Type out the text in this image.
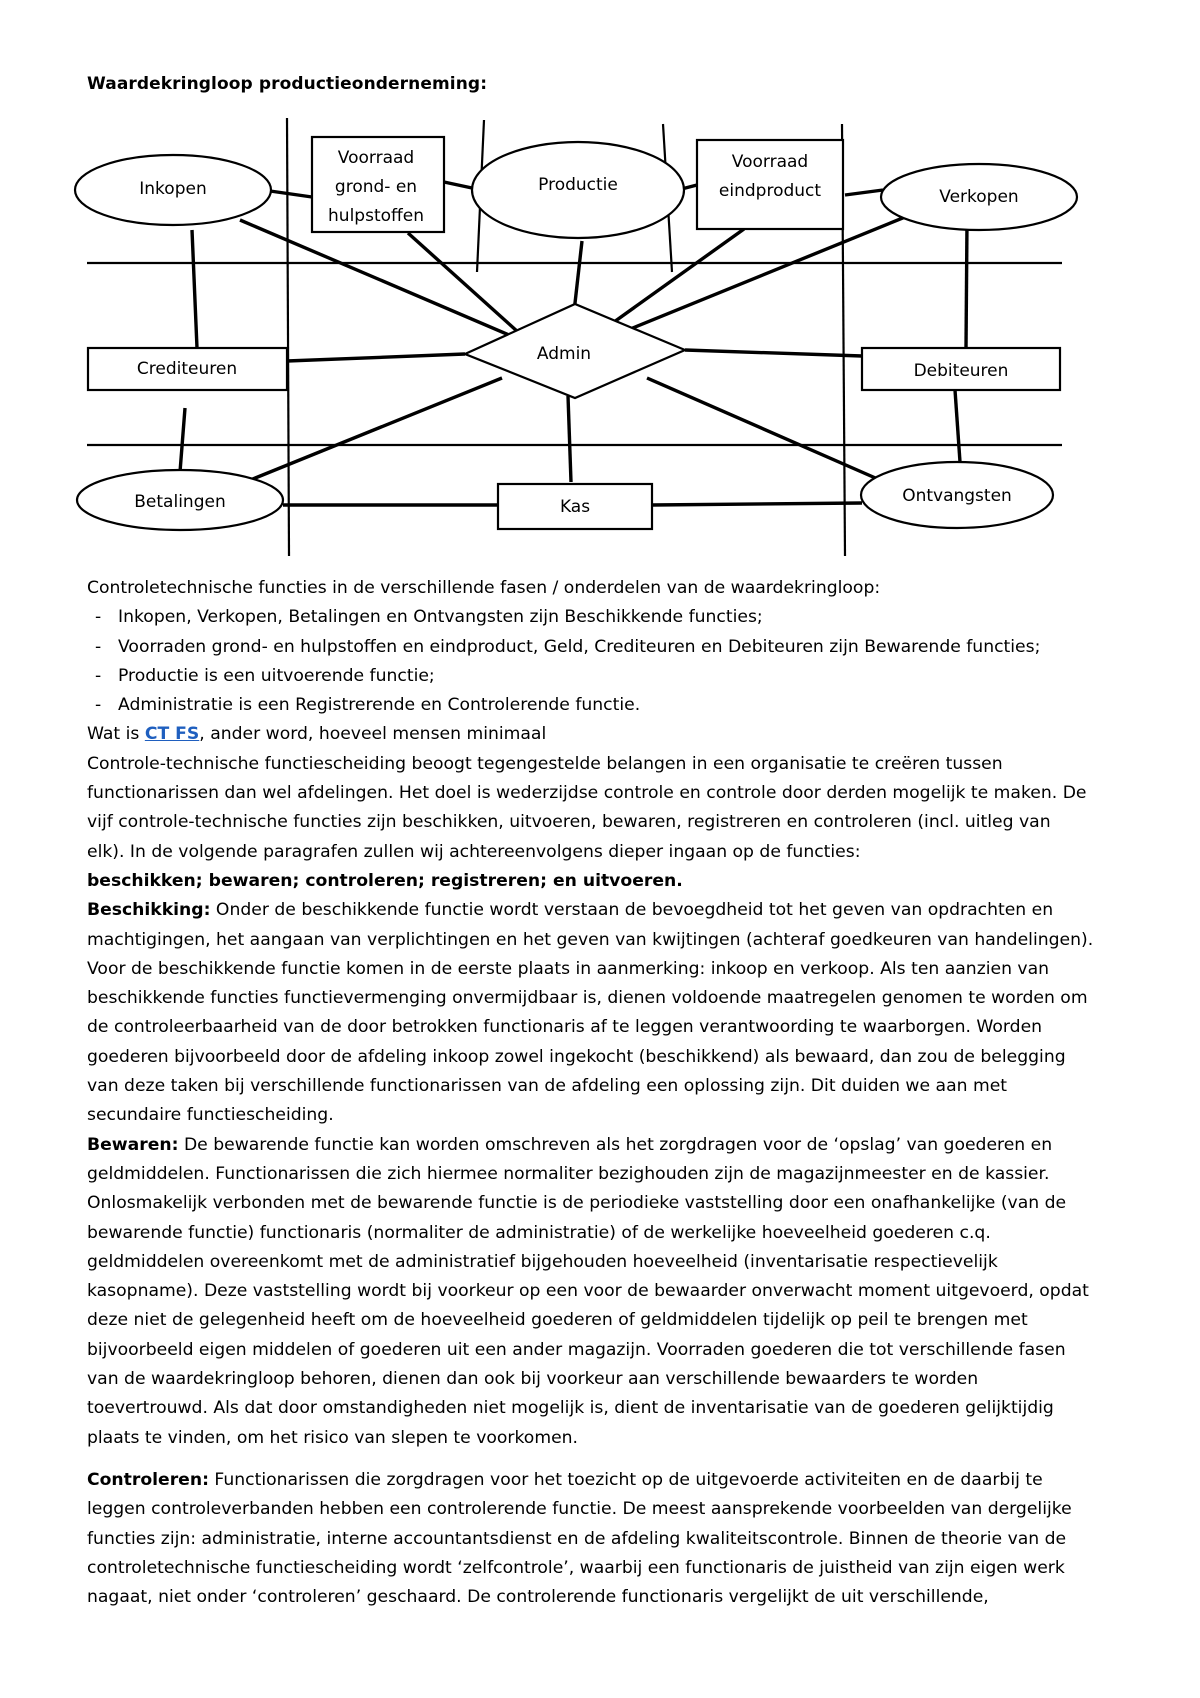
Waardekringloop productieonderneming:
Inkopen
Voorraad
grond- en
hulpstoffen
Productie
Voorraad
eindproduct	Verkopen
Crediteuren
Admin
Debiteuren
Betalingen	Kas
Ontvangsten

Controletechnische functies in de verschillende fasen / onderdelen van de waardekringloop:

- Inkopen, Verkopen, Betalingen en Ontvangsten zijn Beschikkende functies;
- Voorraden grond- en hulpstoffen en eindproduct, Geld, Crediteuren en Debiteuren zijn Bewarende functies;
- Productie is een uitvoerende functie;
- Administratie is een Registrerende en Controlerende functie.

Wat is CT FS, ander word, hoeveel mensen minimaal

Controle-technische functiescheiding beoogt tegengestelde belangen in een organisatie te creëren tussen
functionarissen dan wel afdelingen. Het doel is wederzijdse controle en controle door derden mogelijk te maken. De
vijf controle-technische functies zijn beschikken, uitvoeren, bewaren, registreren en controleren (incl. uitleg van
elk). In de volgende paragrafen zullen wij achtereenvolgens dieper ingaan op de functies:

beschikken; bewaren; controleren; registreren; en uitvoeren.

Beschikking: Onder de beschikkende functie wordt verstaan de bevoegdheid tot het geven van opdrachten en
machtigingen, het aangaan van verplichtingen en het geven van kwijtingen (achteraf goedkeuren van handelingen).
Voor de beschikkende functie komen in de eerste plaats in aanmerking: inkoop en verkoop. Als ten aanzien van
beschikkende functies functievermenging onvermijdbaar is, dienen voldoende maatregelen genomen te worden om
de controleerbaarheid van de door betrokken functionaris af te leggen verantwoording te waarborgen. Worden
goederen bijvoorbeeld door de afdeling inkoop zowel ingekocht (beschikkend) als bewaard, dan zou de belegging
van deze taken bij verschillende functionarissen van de afdeling een oplossing zijn. Dit duiden we aan met
secundaire functiescheiding.

Bewaren: De bewarende functie kan worden omschreven als het zorgdragen voor de ‘opslag’ van goederen en
geldmiddelen. Functionarissen die zich hiermee normaliter bezighouden zijn de magazijnmeester en de kassier.
Onlosmakelijk verbonden met de bewarende functie is de periodieke vaststelling door een onafhankelijke (van de
bewarende functie) functionaris (normaliter de administratie) of de werkelijke hoeveelheid goederen c.q.
geldmiddelen overeenkomt met de administratief bijgehouden hoeveelheid (inventarisatie respectievelijk
kasopname). Deze vaststelling wordt bij voorkeur op een voor de bewaarder onverwacht moment uitgevoerd, opdat
deze niet de gelegenheid heeft om de hoeveelheid goederen of geldmiddelen tijdelijk op peil te brengen met
bijvoorbeeld eigen middelen of goederen uit een ander magazijn. Voorraden goederen die tot verschillende fasen
van de waardekringloop behoren, dienen dan ook bij voorkeur aan verschillende bewaarders te worden
toevertrouwd. Als dat door omstandigheden niet mogelijk is, dient de inventarisatie van de goederen gelijktijdig
plaats te vinden, om het risico van slepen te voorkomen.

Controleren: Functionarissen die zorgdragen voor het toezicht op de uitgevoerde activiteiten en de daarbij te
leggen controleverbanden hebben een controlerende functie. De meest aansprekende voorbeelden van dergelijke
functies zijn: administratie, interne accountantsdienst en de afdeling kwaliteitscontrole. Binnen de theorie van de
controletechnische functiescheiding wordt ‘zelfcontrole’, waarbij een functionaris de juistheid van zijn eigen werk
nagaat, niet onder ‘controleren’ geschaard. De controlerende functionaris vergelijkt de uit verschillende,
